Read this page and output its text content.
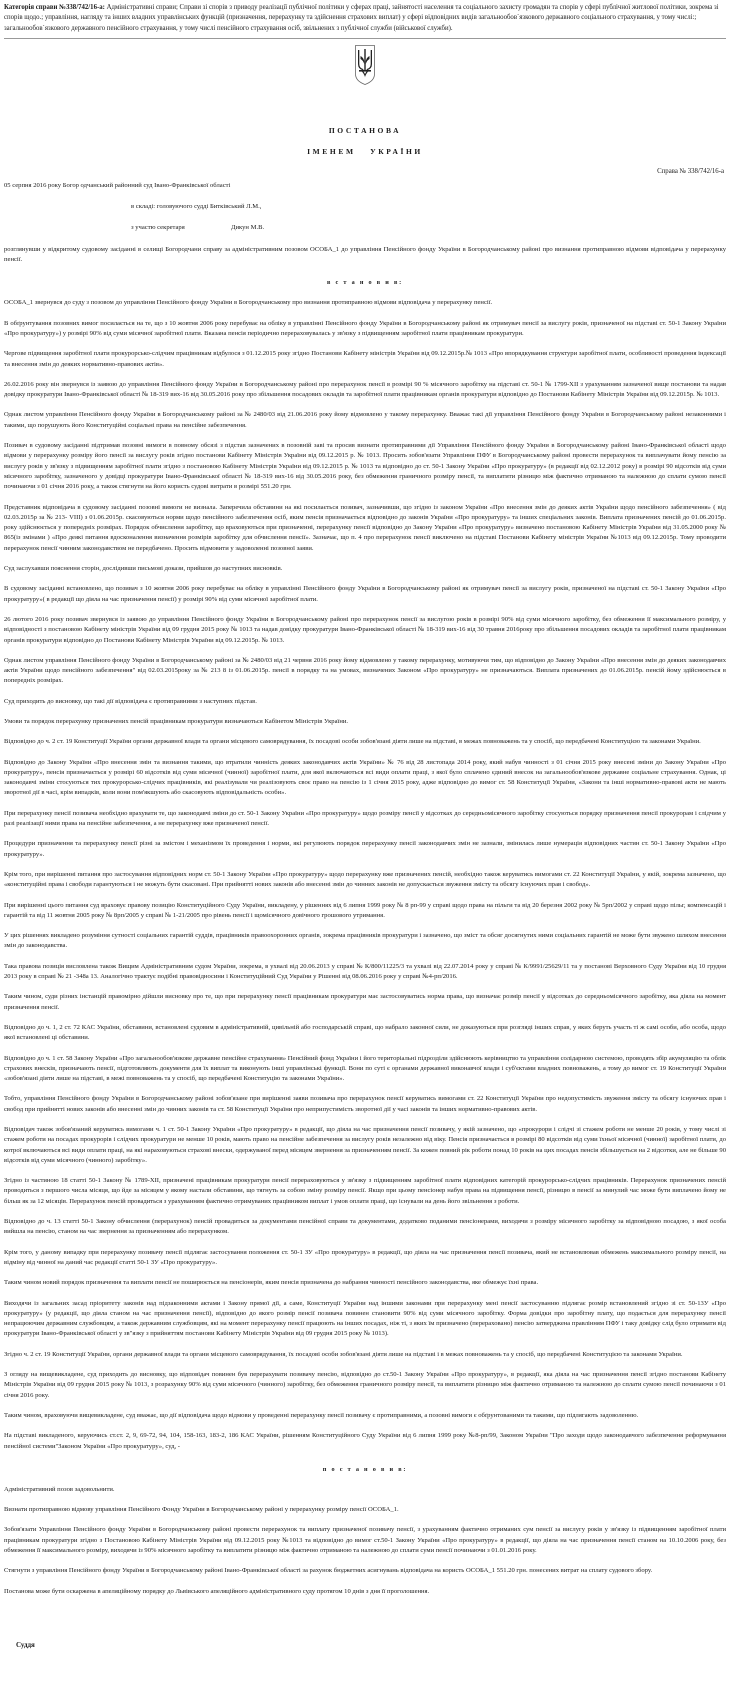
Категорія справи №338/742/16-а: Адміністративні справи; Справи зі спорів з приводу реалізації публічної політики у сферах праці, зайнятості населення та соціального захисту громадян та спорів у сфері публічної житлової політики, зокрема зі спорів щодо.; управління, нагляду та інших владних управлінських функцій (призначення, перерахунку та здійснення страхових виплат) у сфері відповідних видів загальнообов`язкового державного соціального страхування, у тому числі:; загальнообов`язкового державного пенсійного страхування, у тому числі пенсійного страхування осіб, звільнених з публічної служби (військової служби).
ПОСТАНОВА
ІМЕНЕМ УКРАЇНИ
Справа № 338/742/16-а

05 серпня 2016 року Богор одчанський районний суд Івано-Франківської області

в складі: головуючого судді Битківський Л.М.,

з участю секретаря	Дикун М.В.

розглянувши у відкритому судовому засіданні в селищі Богородчани справу за адміністративним позовом ОСОБА_1 до управління Пенсійного фонду України в Богородчанському районі про визнання протиправною відмови відповідача у перерахунку пенсії.

в с т а н о в и в:

ОСОБА_1 звернувся до суду з позовом до управління Пенсійного фонду України в Богородчанському про визнання протиправною відмови відповідача у перерахунку пенсії.

В обґрунтування позовних вимог посилається на те, що з 10 жовтня 2006 року перебуває на обліку в управлінні Пенсійного фонду України в Богородчанському районі як отримувач пенсії за вислугу років, призначеної на підставі ст. 50-1 Закону України «Про прокуратуру») у розмірі 90% від суми місячної заробітної плати. Вказана пенсія періодично перераховувалась у зв'язку з підвищенням заробітної плати працівникам прокуратури.

Чергове підвищення заробітної плати прокурорсько-слідчим працівникам відбулося з 01.12.2015 року згідно Постанови Кабінету міністрів України від 09.12.2015р.№ 1013 «Про впорядкування структури заробітної плати, особливості проведення індексації та внесення змін до деяких нормативно-правових актів».

26.02.2016 року він звернувся із заявою до управління Пенсійного фонду України в Богородчанському районі про перерахунок пенсії в розмірі 90 % місячного заробітку на підставі ст. 50-1 № 1799-ХІІ з урахуванням зазначеної вище постанови та надав довідку прокуратури Івано-Франківської області № 18-319 вих-16 від 30.05.2016 року про збільшення посадових окладів та заробітної плати працівникам органів прокуратури відповідно до Постанови Кабінету Міністрів України від 09.12.2015р. № 1013.

Однак листом управління Пенсійного фонду України в Богородчанському районі за № 2480/03 від 21.06.2016 року йому відмовлено у такому перерахунку. Вважає такі дії управління Пенсійного фонду України в Богородчанському районі незаконними і такими, що порушують його Конституційні соціальні права на пенсійне забезпечення.

Позивач в судовому засіданні підтримав позовні вимоги в повному обсязі з підстав зазначених в позовній заві та просив визнати протиправними дії Управління Пенсійного фонду України в Богородчанському районі Івано-Франківської області щодо відмови у перерахунку розміру його пенсії за вислугу років згідно постанови Кабінету Міністрів України від 09.12.2015 р. № 1013. Просить зобов'язати Управління ПФУ в Богородчанському районі провести перерахунок та виплачувати йому пенсію за вислугу років у зв'язку з підвищенням заробітної плати згідно з постановою Кабінету Міністрів України від 09.12.2015 р. № 1013 та відповідно до ст. 50-1 Закону України «Про прокуратуру» (в редакції від 02.12.2012 року) в розмірі 90 відсотків від суми місячного заробітку, зазначеного у довідці прокуратури Івано-Франківської області № 18-319 вих-16 від 30.05.2016 року, без обмеження граничного розміру пенсії, та виплатити різницю між фактично отриманою та належною до сплати сумою пенсії починаючи з 01 січня 2016 року, а також стягнути на його користь судові витрати в розмірі 551.20 грн.

Представник відповідача в судовому засіданні позовні вимоги не визнала. Заперечила обставини на які посилається позивач, зазначивши, що згідно із законом України «Про внесення змін до деяких актів України щодо пенсійного забезпечення» ( від 02.03.2015р за № 213- VІІІ) з 01.06.2015р. скасовуються норми щодо пенсійного забезпечення осіб, яким пенсія призначається відповідно до законів України «Про прокуратуру» та інших спеціальних законів. Виплата призначених пенсій до 01.06.2015р. року здійснюється у попередніх розмірах. Порядок обчислення заробітку, що враховуються при призначенні, перерахунку пенсії відповідно до Закону України «Про прокуратуру» визначено постановою Кабінету Міністрів України від 31.05.2000 року № 865(із змінами ) «Про деякі питання вдосконалення визначення розмірів заробітку для обчислення пенсії». Зазначає, що п. 4 про перерахунок пенсії виключено на підставі Постанови Кабінету міністрів України №1013 від 09.12.2015р. Тому проводити перерахунок пенсії чинним законодавством не передбачено. Просить відмовити у задоволенні позовної заяви.

Суд заслухавши пояснення сторін, дослідивши письмові докази, прийшов до наступних висновків.

В судовому засіданні встановлено, що позивач з 10 жовтня 2006 року перебуває на обліку в управлінні Пенсійного фонду України в Богородчанському районі як отримувач пенсії за вислугу років, призначеної на підставі ст. 50-1 Закону України «Про прокуратуру»( в редакції що діяла на час призначення пенсії) у розмірі 90% від суми місячної заробітної плати.

26 лютого 2016 року позивач звернувся із заявою до управління Пенсійного фонду України в Богородчанському районі про перерахунок пенсії за вислугою років в розмірі 90% від суми місячного заробітку, без обмеження її максимального розміру, у відповідності з постановою Кабінету міністрів України від 09 грудня 2015 року № 1013 та надав довідку прокуратури Івано-Франківської області № 18-319 вих-16 від 30 травня 2016року про збільшення посадових окладів та заробітної плати працівникам органів прокуратури відповідно до Постанови Кабінету Міністрів України від 09.12.2015р. № 1013.

Однак листом управління Пенсійного фонду України в Богородчанському районі за № 2480/03 від 21 червня 2016 року йому відмовлено у такому перерахунку, мотивуючи тим, що відповідно до Закону України «Про внесення змін до деяких законодавчих актів України щодо пенсійного забезпечення" від 02.03.2015року за № 213 8 із 01.06.2015р. пенсії в порядку та на умовах, визначених Законом «Про прокуратуру» не призначаються. Виплата призначених до 01.06.2015р. пенсій йому здійснюється в попередніх розмірах.

Суд приходить до висновку, що такі дії відповідача є протиправними з наступних підстав.

Умови та порядок перерахунку призначених пенсій працівникам прокуратури визначаються Кабінетом Міністрів України.

Відповідно до ч. 2 ст. 19 Конституції України органи державної влади та органи місцевого самоврядування, їх посадові особи зобов'язані діяти лише на підставі, в межах повноважень та у спосіб, що передбачені Конституцією та законами України.

Відповідно до Закону України «Про внесення змін та визнання такими, що втратили чинність деяких законодавчих актів України» № 76 від 28 листопада 2014 року, який набув чинності з 01 січня 2015 року внесені зміни до Закону України «Про прокуратуру», пенсія призначається у розмірі 60 відсотків від суми місячної (чинної) заробітної плати, для якої включаються всі види оплати праці, з якої було сплачено єдиний внесок на загальнообов'язкове державне соціальне страхування. Однак, ці законодавчі зміни стосуються тих прокурорсько-слідчих працівників, які реалізували чи реалізовують своє право на пенсію із 1 січня 2015 року, адже відповідно до вимог ст. 58 Конституції України, «Закони та інші нормативно-правові акти не мають зворотної дії в часі, крім випадків, коли вони пом'якшують або скасовують відповідальність особи».

При перерахунку пенсії позивача необхідно врахувати те, що законодавчі зміни до ст. 50-1 Закону України «Про прокуратуру» щодо розміру пенсії у відсотках до середньомісячного заробітку стосуються порядку призначення пенсії прокурорам і слідчим у разі реалізації ними права на пенсійне забезпечення, а не перерахунку вже призначеної пенсії.

Процедури призначення та перерахунку пенсії різні за змістом і механізмом їх проведення і норми, які регулюють порядок перерахунку пенсії законодавчих змін не зазнали, змінилась лише нумерація відповідних частин ст. 50-1 Закону України «Про прокуратуру».

Крім того, при вирішенні питання про застосування відповідних норм ст. 50-1 Закону України «Про прокуратуру» щодо перерахунку вже призначених пенсій, необхідно також керуватись вимогами ст. 22 Конституції України, у якій, зокрема зазначено, що «конституційні права і свободи гарантуються і не можуть бути скасовані. При прийнятті нових законів або внесенні змін до чинних законів не допускається звуження змісту та обсягу існуючих прав і свобод».

При вирішенні цього питання суд враховує правову позицію Конституційного Суду України, викладену, у рішеннях від 6 липня 1999 року № 8 рп-99 у справі щодо права на пільги та від 20 березня 2002 року № 5рп/2002 у справі щодо пільг, компенсацій і гарантій та від 11 жовтня 2005 року № 8рп/2005 у справі № 1-21/2005 про рівень пенсії і щомісячного довічного грошового утримання.

У цих рішеннях викладено розуміння сутності соціальних гарантій суддів, працівників правоохоронних органів, зокрема працівників прокуратури і зазначено, що зміст та обсяг досягнутих ними соціальних гарантій не може бути звужено шляхом внесення змін до законодавства.

Така правова позиція висловлена також Вищим Адміністративним судом України, зокрема, в ухвалі від 20.06.2013 у справі № К/800/11225/3 та ухвалі від 22.07.2014 року у справі № К/9991/25629/11 та у постанові Верховного Суду України від 10 грудня 2013 року в справі № 21 -348а 13. Аналогічно трактує подібні правовідносини і Конституційний Суд України у Рішенні від 08.06.2016 року у справі №4-рп/2016.

Таким чином, суди різних інстанцій правомірно дійшли висновку про те, що при перерахунку пенсії працівникам прокуратури має застосовуватись норма права, що визначає розмір пенсії у відсотках до середньомісячного заробітку, яка діяла на момент призначення пенсії.

Відповідно до ч. 1, 2 ст. 72 КАС України, обставини, встановлені судовим в адміністративній, цивільній або господарській справі, що набрало законної сили, не доказуються при розгляді інших справ, у яких беруть участь ті ж самі особи, або особа, щодо якої встановлені ці обставини.

Відповідно до ч. 1 ст. 58 Закону України «Про загальнообов'язкове державне пенсійне страхування» Пенсійний фонд України і його територіальні підрозділи здійснюють керівництво та управління солідарною системою, проводять збір акумуляцію та облік страхових внесків, призначають пенсії, підготовляють документи для їх виплат та виконують інші управлінські функції. Вони по суті є органами державної виконавчої влади і суб'єктами владних повноважень, а тому до вимог ст. 19 Конституції України «зобов'язані діяти лише на підставі, в межі повноважень та у спосіб, що передбачені Конституцію та законами України».

Тобто, управління Пенсійного фонду України в Богородчанському районі зобов'язане при вирішенні заяви позивача про перерахунок пенсії керуватись вимогами ст. 22 Конституції України про недопустимість звуження змісту та обсягу існуючих прав і свобод при прийнятті нових законів або внесенні змін до чинних законів та ст. 58 Конституції України про неприпустимість зворотної дії у часі законів та інших нормативно-правових актів.

Відповідач також зобов'язаний керуватись вимогами ч. 1 ст. 50-1 Закону України «Про прокуратуру» в редакції, що діяла на час призначення пенсії позивачу, у якій зазначено, що «прокурори і слідчі зі стажем роботи не менше 20 років, у тому числі зі стажем роботи на посадах прокурорів і слідчих прокуратури не менше 10 років, мають право на пенсійне забезпечення за вислугу років незалежно від віку. Пенсія призначається в розмірі 80 відсотків від суми їхньої місячної (чинної) заробітної плати, до котрої включаються всі види оплати праці, на які нараховуються страхові внески, одержуваної перед місяцем звернення за призначенням пенсії. За кожен повний рік роботи понад 10 років на цих посадах пенсія збільшується на 2 відсотки, але не більше 90 відсотків від суми місячного (чинного) заробітку».

Згідно із частиною 18 статті 50-1 Закону № 1789-XII, призначені працівникам прокуратури пенсії перераховуються у зв'язку з підвищенням заробітної плати відповідних категорій прокурорсько-слідчих працівників. Перерахунок призначених пенсій проводиться з першого числа місяця, що йде за місяцем у якому настали обставини, що тягнуть за собою зміну розміру пенсії. Якщо при цьому пенсіонер набув права на підвищення пенсії, різницю в пенсії за минулий час може бути виплачено йому не більш як за 12 місяців. Перерахунок пенсій провадиться з урахуванням фактично отримуваних працівником виплат і умов оплати праці, що існували на день його звільнення з роботи.

Відповідно до ч. 13 статті 50-1 Закону обчислення (перерахунок) пенсій провадиться за документами пенсійної справи та документами, додатково поданими пенсіонерами, виходячи з розміру місячного заробітку за відповідною посадою, з якої особа вийшла на пенсію, станом на час звернення за призначенням або перерахунком.

Крім того, у даному випадку при перерахунку позивачу пенсії підлягає застосування положення ст. 50-1 ЗУ «Про прокуратуру» в редакції, що діяла на час призначення пенсії позивача, який не встановлював обмежень максимального розміру пенсії, на відміну від чинної на даний час редакції статті 50-1 ЗУ «Про прокуратуру».

Таким чином новий порядок призначення та виплати пенсії не поширюється на пенсіонерів, яким пенсія призначена до набрання чинності пенсійного законодавства, яке обмежує їхні права.

Виходячи із загальних засад пріоритету законів над підзаконними актами і Закону прямої дії, а саме, Конституції України над іншими законами при перерахунку мені пенсії застосуванню підлягає розмір встановлений згідно зі ст. 50-13У «Про прокуратуру» (у редакції, що діяла станом на час призначення пенсії), відповідно до якого розмір пенсії позивача повинен становити 90% від суми місячного заробітку. Форма довідки про заробітну плату, що подається для перерахунку пенсії непрацюючим державним службовцям, а також державним службовцям, які на момент перерахунку пенсії працюють на інших посадах, ніж ті, з яких їм призначено (перераховано) пенсію затверджена правлінням ПФУ і таку довідку слід було отримати від прокуратури Івано-Франківської області у зв"язку з прийняттям постанови Кабінету Міністрів України від 09 грудня 2015 року № 1013).

Згідно ч. 2 ст. 19 Конституції України, органи державної влади та органи місцевого самоврядування, їх посадові особи зобов'язані діяти лише на підставі і в межах повноважень та у спосіб, що передбачені Конституцією та законами України.

З огляду на вищевикладене, суд приходить до висновку, що відповідач повинен був перерахувати позивачу пенсію, відповідно до ст.50-1 Закону України «Про прокуратуру», в редакції, яка діяла на час призначення пенсії згідно постанови Кабінету Міністрів України від 09 грудня 2015 року № 1013, з розрахунку 90% від суми місячного (чинного) заробітку, без обмеження граничного розміру пенсії, та виплатити різницю між фактично отриманою та належною до сплати сумою пенсії починаючи з 01 січня 2016 року.

Таким чином, враховуючи вищевикладене, суд вважає, що дії відповідача щодо відмови у проведенні перерахунку пенсії позивачу є протиправними, а позовні вимоги є обґрунтованими та такими, що підлягають задоволенню.

На підставі викладеного, керуючись ст.ст. 2, 9, 69-72, 94, 104, 158-163, 183-2, 186 КАС України, рішенням Конституційного Суду України від 6 липня 1999 року №8-рп/99, Законом України "Про заходи щодо законодавчого забезпечення реформування пенсійної системи"Законом України «Про прокуратуру», суд, -

п о с т а н о в и в:

Адміністративний позов задовольнити.

Визнати протиправною відмову управління Пенсійного Фонду України в Богородчанському районі у перерахунку розміру пенсії ОСОБА_1.

Зобов'язати Управління Пенсійного фонду України в Богородчанському районі провести перерахунок та виплату призначеної позивачу пенсії, з урахуванням фактично отриманих сум пенсії за вислугу років у зв'язку із підвищенням заробітної плати працівникам прокуратури згідно з Постановою Кабінету Міністрів України від 09.12.2015 року №1013 та відповідно до вимог ст.50-1 Закону України «Про прокуратуру» в редакції, що діяла на час призначення пенсії станом на 10.10.2006 року, без обмеження її максимального розміру, виходячи із 90% місячного заробітку та виплатити різницю між фактично отриманою та належною до сплати суми пенсії починаючи з 01.01.2016 року.

Стягнути з управління Пенсійного фонду України в Богородчанському районі Івано-Франківської області за рахунок бюджетних асигнувань відповідача на користь ОСОБА_1 551.20 грн. понесених витрат на сплату судового збору.

Постанова може бути оскаржена в апеляційному порядку до Львівського апеляційного адміністративного суду протягом 10 днів з дня її проголошення.

Суддя
